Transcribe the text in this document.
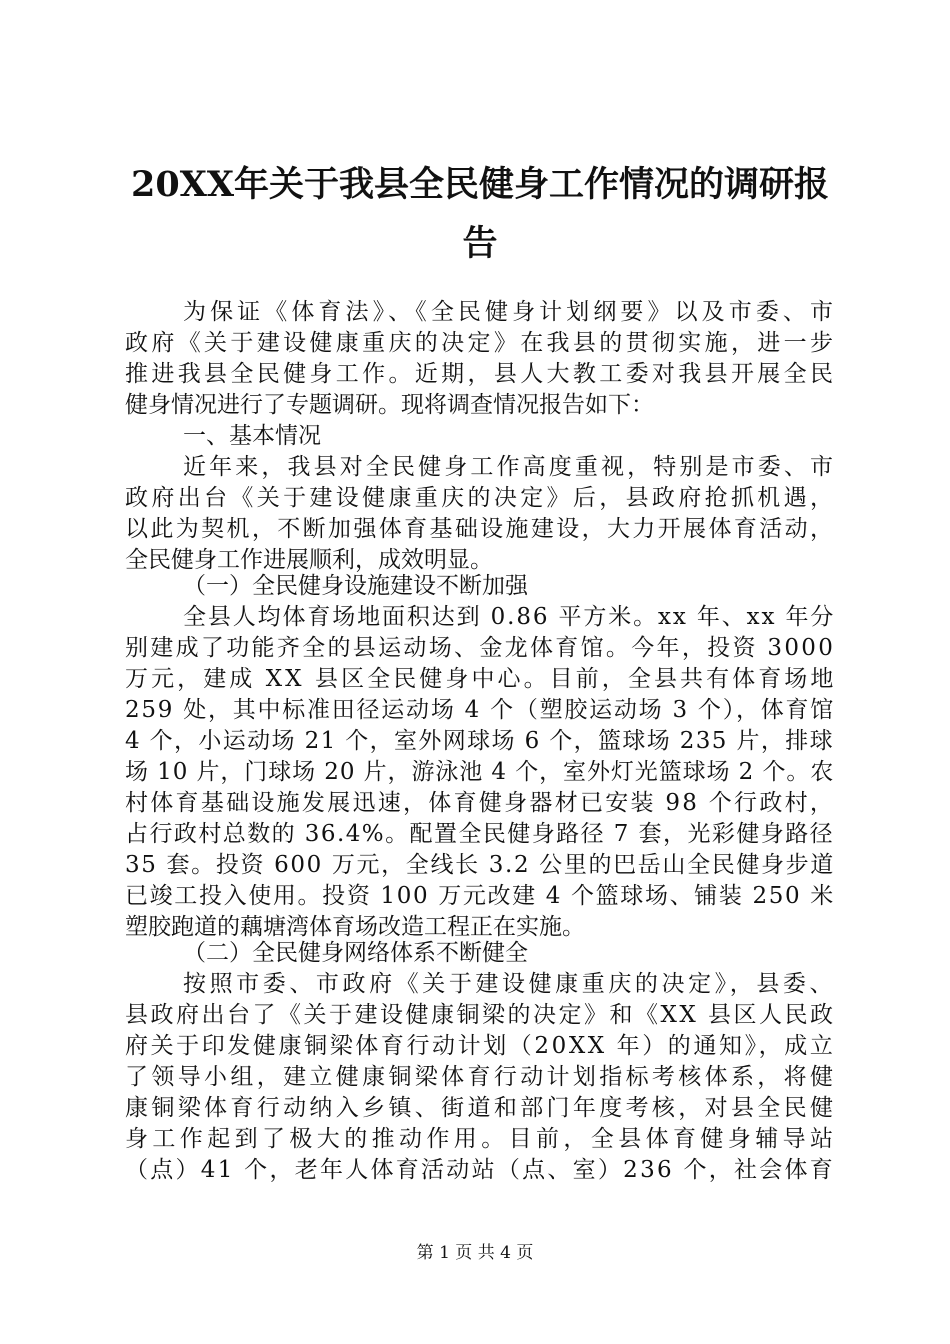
20XX年关于我县全民健身工作情况的调研报
告
为保证《体育法》、《全民健身计划纲要》以及市委、市
政府《关于建设健康重庆的决定》在我县的贯彻实施，进一步
推进我县全民健身工作。近期，县人大教工委对我县开展全民
健身情况进行了专题调研。现将调查情况报告如下：
一、基本情况
近年来，我县对全民健身工作高度重视，特别是市委、市
政府出台《关于建设健康重庆的决定》后，县政府抢抓机遇，
以此为契机，不断加强体育基础设施建设，大力开展体育活动，
全民健身工作进展顺利，成效明显。
（一）全民健身设施建设不断加强
全县人均体育场地面积达到 0.86 平方米。xx 年、xx 年分
别建成了功能齐全的县运动场、金龙体育馆。今年，投资 3000
万元，建成 XX 县区全民健身中心。目前，全县共有体育场地
259 处，其中标准田径运动场 4 个（塑胶运动场 3 个），体育馆
4 个，小运动场 21 个，室外网球场 6 个，篮球场 235 片，排球
场 10 片，门球场 20 片，游泳池 4 个，室外灯光篮球场 2 个。农
村体育基础设施发展迅速，体育健身器材已安装 98 个行政村，
占行政村总数的 36.4%。配置全民健身路径 7 套，光彩健身路径
35 套。投资 600 万元，全线长 3.2 公里的巴岳山全民健身步道
已竣工投入使用。投资 100 万元改建 4 个篮球场、铺装 250 米
塑胶跑道的藕塘湾体育场改造工程正在实施。
（二）全民健身网络体系不断健全
按照市委、市政府《关于建设健康重庆的决定》，县委、
县政府出台了《关于建设健康铜梁的决定》和《XX 县区人民政
府关于印发健康铜梁体育行动计划（20XX 年）的通知》，成立
了领导小组，建立健康铜梁体育行动计划指标考核体系，将健
康铜梁体育行动纳入乡镇、街道和部门年度考核，对县全民健
身工作起到了极大的推动作用。目前，全县体育健身辅导站
（点）41 个，老年人体育活动站（点、室）236 个，社会体育
第 1 页 共 4 页
